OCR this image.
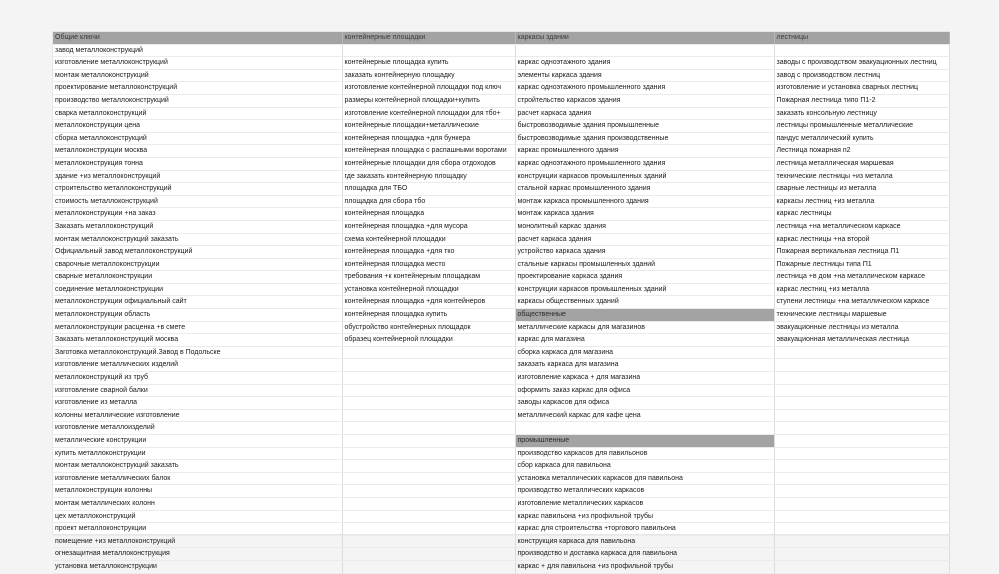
Общие ключи	контейнерные площадки	каркасы здании	лестницы
завод металлоконструкций			
изготовление металлоконструкций	контейнерные площадка купить	каркас одноэтажного здания	заводы с производством эвакуационных лестниц
монтаж металлоконструкций	заказать контейнерную площадку	элементы каркаса здания	завод с производством лестниц
проектирование металлоконструкций	изготовление контейнерной площадки под ключ	каркас одноэтажного промышленного здания	изготовление и установка сварных лестниц
производство металлоконструкций	размеры контейнерной площадки+купить	стройтельство каркасов здания	Пожарная лестница типо П1-2
сварка металлоконструкций	изготовление контейнерной площадки для тбо+	расчет каркаса здания	заказать консольную лестницу
металлоконструкции цена	контейнерные площадки+металлические	быстровозводимые здания промышленные	лестницы промышленные металлические
сборка металлоконструкций	контейнерная площадка +для бункера	быстровозводимые здания производственные	пандус металлический купить
металлоконструкции москва	контейнерная площадка с распашными воротами	каркас промышленного здания	Лестница пожарная п2
металлоконструкция тонна	контейнерные площадки для сбора отдоходов	каркас одноэтажного промышленного здания	лестница металлическая маршевая
здание +из металлоконструкций	где заказать контейнерную площадку	конструкции каркасов промышленных зданий	технические лестницы +из металла
строительство металлоконструкций	площадка для ТБО	стальной каркас промышленного здания	сварные лестницы из металла
стоимость металлоконструкций	площадка для сбора тбо	монтаж каркаса промышленного здания	каркасы лестниц +из металла
металлоконструкции +на заказ	контейнерная площадка	монтаж каркаса здания	каркас лестницы
Заказать металлоконструкций	контейнерная площадка +для мусора	монолитный каркас здания	лестница +на металлическом каркасе
монтаж металлоконструкций заказать	схема контейнерной площадки	расчет каркаса здания	каркас лестницы +на второй
Официальный завод металлоконструкций	контейнерная площадка +для тко	устройство каркаса здания	Пожарная вертикальная лестница П1
сварочные металлоконструкции	контейнерная площадка место	стальные каркасы промышленных зданий	Пожарные лестницы типа П1
сварные металлоконструкции	требования +к контейнерным площадкам	проектирование каркаса здания	лестница +в дом +на металлическом каркасе
соединение металлоконструкции	установка контейнерной площадки	конструкции каркасов промышленных зданий	каркас лестниц +из металла
металлоконструкции официальный сайт	контейнерная площадка +для контейнеров	каркасы общественных зданий	ступени лестницы +на металлическом каркасе
металлоконструкции область	контейнерная площадка купить	общественные	технические лестницы маршевые
металлоконструкции расценка +в смете	обустройство контейнерных площадок	металлические каркасы для магазинов	эвакуационные лестницы из металла
Заказать металлоконструкций москва	образец контейнерной площадки	каркас для магазина	эвакуационная металлическая лестница
Заготовка металлоконструкций.Завод в Подольске		сборка каркаса для магазина	
изготовление металлических изделий		заказать каркаса для магазина	
металлоконструкций из труб		изготовление каркаса + для магазина	
изготовление сварной балки		оформить заказ каркас для офиса	
изготовление из металла		заводы каркасов для офиса	
колонны металлические изготовление		металлический каркас для кафе цена	
изготовление металлоизделий			
металлические конструкции		промышленные	
купить металлоконструкции		производство каркасов для павильонов	
монтаж металлоконструкций заказать		сбор каркаса для павильона	
изготовление металлических балок		установка металлических каркасов для павильона	
металлоконструкции колонны		производство металлических каркасов	
монтаж металлических колонн		изготовление металлических каркасов	
цех металлоконструкций		каркас павильона +из профильной трубы	
проект металлоконструкции		каркас для строительства +торгового павильона	
помещение +из металлоконструкций		конструкция каркаса для павильона	
огнезащитная металлоконструкция		производство и доставка каркаса для павильона	
установка металлоконструкции		каркас + для павильона +из профильной трубы	
